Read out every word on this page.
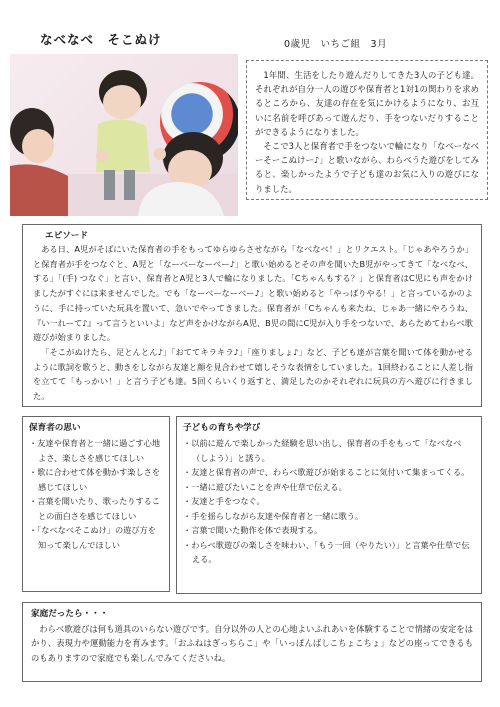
なべなべ　そこぬけ	0歳児　いちご組　3月

1年間、生活をしたり遊んだりしてきた3人の子ども達。それぞれが自分一人の遊びや保育者と1対1の関わりを求めるところから、友達の存在を気にかけるようになり、お互いに名前を呼びあって遊んだり、手をつないだりすることができるようになりました。

そこで3人と保育者で手をつないで輪になり「なべーなべーそーこぬけー♪」と歌いながら、わらべうた遊びをしてみると、楽しかったようで子ども達のお気に入りの遊びになりました。

エピソード

ある日、A児がそばにいた保育者の手をもってゆらゆらさせながら「なべなべ！」とリクエスト。「じゃあやろうか」と保育者が手をつなぐと、A児と「なーべーなーべー♪」と歌い始めるとその声を聞いたB児がやってきて「なべなべ、する」「(手) つなぐ」と言い、保育者とA児と3人で輪になりました。「Cちゃんもする？」と保育者はC児にも声をかけましたがすぐには来ませんでした。でも「なーべーなーべー♪」と歌い始めると「やっぱりやる！」と言っているかのように、手に持っていた玩具を置いて、急いでやってきました。保育者が「Cちゃんも来たね、じゃあ一緒にやろうね、『い一れーて♪』って言うといいよ」など声をかけながらA児、B児の間にC児が入り手をつないで、あらためてわらべ歌遊びが始まりました。

「そこがぬけたら、足とんとん♪」「おててキラキラ♪」「座りましょ♪」など、子ども達が言葉を聞いて体を動かせるように歌詞を歌うと、動きをしながら友達と顔を見合わせて嬉しそうな表情をしていました。1回終わることに人差し指を立てて「もっかい！」と言う子ども達。5回くらいくり返すと、満足したのかそれぞれに玩具の方へ遊びに行きました。

保育者の思い
・友達や保育者と一緒に過ごす心地よさ、楽しさを感じてほしい
・歌に合わせて体を動かす楽しさを感じてほしい
・言葉を聞いたり、歌ったりすることの面白さを感じてほしい
・「なべなべそこぬけ」の遊び方を知って楽しんでほしい
子どもの育ちや学び
・以前に遊んで楽しかった経験を思い出し、保育者の手をもって「なべなべ（しよう）」と誘う。
・友達と保育者の声で、わらべ歌遊びが始まることに気付いて集まってくる。
・一緒に遊びたいことを声や仕草で伝える。
・友達と手をつなぐ。
・手を揺らしながら友達や保育者と一緒に歌う。
・言葉で聞いた動作を体で表現する。
・わらべ歌遊びの楽しさを味わい、「もう一回（やりたい）」と言葉や仕草で伝える。
家庭だったら・・・

わらべ歌遊びは何も道具のいらない遊びです。自分以外の人との心地よいふれあいを体験することで情緒の安定をはかり、表現力や運動能力を育みます。「おふねはぎっちらこ」や「いっぽんばしこちょこちょ」などの座ってできるものもありますので家庭でも楽しんでみてくださいね。
